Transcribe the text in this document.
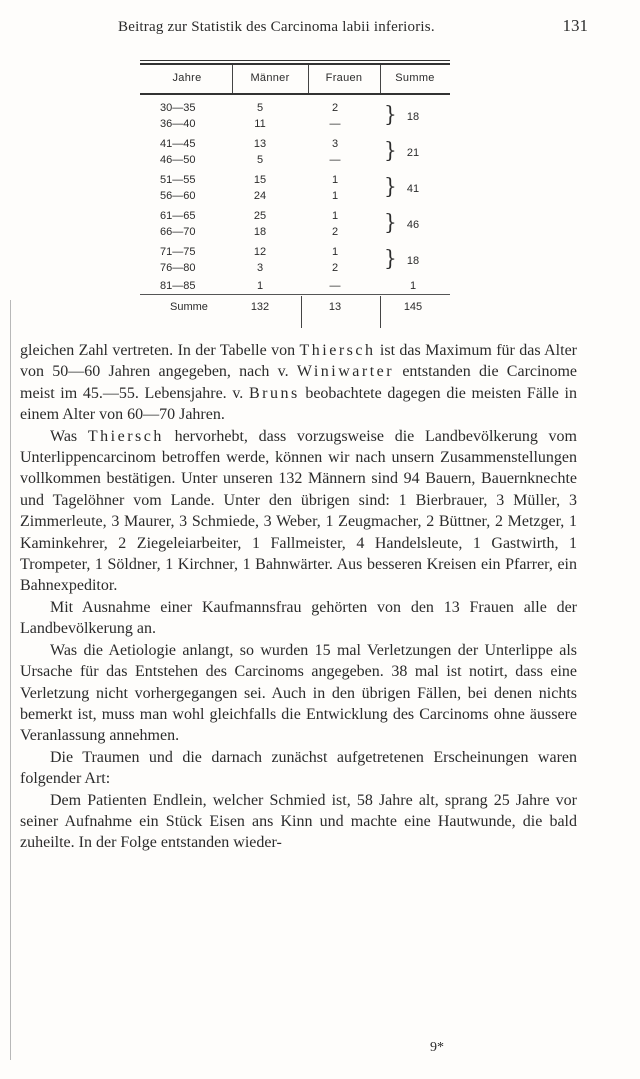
Beitrag zur Statistik des Carcinoma labii inferioris.	131
Jahre	Männer	Frauen	Summe
30—35	5	2
36—40	11	—	} 18
41—45	13	3
46—50	5	—	} 21
51—55	15	1
56—60	24	1	} 41
61—65	25	1
66—70	18	2	} 46
71—75	12	1
76—80	3	2	} 18
81—85	1	—	1
Summe	132	13	145

gleichen Zahl vertreten. In der Tabelle von Thiersch ist das Maximum für das Alter von 50—60 Jahren angegeben, nach v. Winiwarter entstanden die Carcinome meist im 45.—55. Lebensjahre. v. Bruns beobachtete dagegen die meisten Fälle in einem Alter von 60—70 Jahren.

Was Thiersch hervorhebt, dass vorzugsweise die Landbevölkerung vom Unterlippencarcinom betroffen werde, können wir nach unsern Zusammenstellungen vollkommen bestätigen. Unter unseren 132 Männern sind 94 Bauern, Bauernknechte und Tagelöhner vom Lande. Unter den übrigen sind: 1 Bierbrauer, 3 Müller, 3 Zimmerleute, 3 Maurer, 3 Schmiede, 3 Weber, 1 Zeugmacher, 2 Büttner, 2 Metzger, 1 Kaminkehrer, 2 Ziegeleiarbeiter, 1 Fallmeister, 4 Handelsleute, 1 Gastwirth, 1 Trompeter, 1 Söldner, 1 Kirchner, 1 Bahnwärter. Aus besseren Kreisen ein Pfarrer, ein Bahnexpeditor.

Mit Ausnahme einer Kaufmannsfrau gehörten von den 13 Frauen alle der Landbevölkerung an.

Was die Aetiologie anlangt, so wurden 15 mal Verletzungen der Unterlippe als Ursache für das Entstehen des Carcinoms angegeben. 38 mal ist notirt, dass eine Verletzung nicht vorhergegangen sei. Auch in den übrigen Fällen, bei denen nichts bemerkt ist, muss man wohl gleichfalls die Entwicklung des Carcinoms ohne äussere Veranlassung annehmen.

Die Traumen und die darnach zunächst aufgetretenen Erscheinungen waren folgender Art:

Dem Patienten Endlein, welcher Schmied ist, 58 Jahre alt, sprang 25 Jahre vor seiner Aufnahme ein Stück Eisen ans Kinn und machte eine Hautwunde, die bald zuheilte. In der Folge entstanden wieder-

9*
